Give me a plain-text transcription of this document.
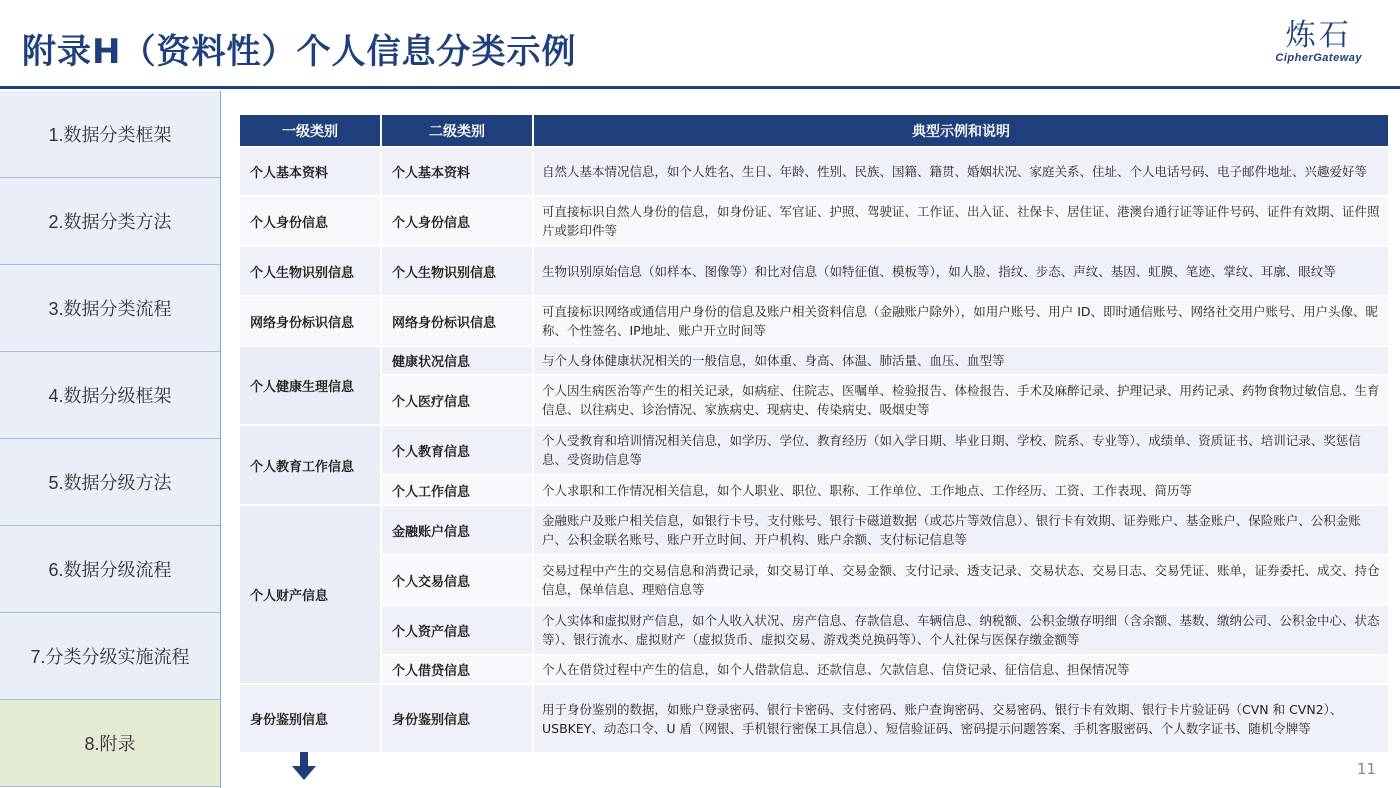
附录H（资料性）个人信息分类示例	炼石
CipherGateway
1.数据分类框架
2.数据分类方法
3.数据分类流程
4.数据分级框架
5.数据分级方法
6.数据分级流程
7.分类分级实施流程
8.附录
一级类别	二级类别	典型示例和说明
个人基本资料	个人基本资料	自然人基本情况信息，如个人姓名、生日、年龄、性别、民族、国籍、籍贯、婚姻状况、家庭关系、住址、个人电话号码、电子邮件地址、兴趣爱好等
个人身份信息	个人身份信息	可直接标识自然人身份的信息，如身份证、军官证、护照、驾驶证、工作证、出入证、社保卡、居住证、港澳台通行证等证件号码、证件有效期、证件照片或影印件等
个人生物识别信息	个人生物识别信息	生物识别原始信息（如样本、图像等）和比对信息（如特征值、模板等），如人脸、指纹、步态、声纹、基因、虹膜、笔迹、掌纹、耳廓、眼纹等
网络身份标识信息	网络身份标识信息	可直接标识网络或通信用户身份的信息及账户相关资料信息（金融账户除外），如用户账号、用户 ID、即时通信账号、网络社交用户账号、用户头像、昵称、个性签名、IP地址、账户开立时间等
个人健康生理信息	健康状况信息	与个人身体健康状况相关的一般信息，如体重、身高、体温、肺活量、血压、血型等
	个人医疗信息	个人因生病医治等产生的相关记录，如病症、住院志、医嘱单、检验报告、体检报告、手术及麻醉记录、护理记录、用药记录、药物食物过敏信息、生育信息、以往病史、诊治情况、家族病史、现病史、传染病史、吸烟史等
个人教育工作信息	个人教育信息	个人受教育和培训情况相关信息，如学历、学位、教育经历（如入学日期、毕业日期、学校、院系、专业等）、成绩单、资质证书、培训记录、奖惩信息、受资助信息等
	个人工作信息	个人求职和工作情况相关信息，如个人职业、职位、职称、工作单位、工作地点、工作经历、工资、工作表现、简历等
个人财产信息	金融账户信息	金融账户及账户相关信息，如银行卡号、支付账号、银行卡磁道数据（或芯片等效信息）、银行卡有效期、证券账户、基金账户、保险账户、公积金账户、公积金联名账号、账户开立时间、开户机构、账户余额、支付标记信息等
	个人交易信息	交易过程中产生的交易信息和消费记录，如交易订单、交易金额、支付记录、透支记录、交易状态、交易日志、交易凭证、账单，证券委托、成交、持仓信息，保单信息、理赔信息等
	个人资产信息	个人实体和虚拟财产信息，如个人收入状况、房产信息、存款信息、车辆信息、纳税额、公积金缴存明细（含余额、基数、缴纳公司、公积金中心、状态等）、银行流水、虚拟财产（虚拟货币、虚拟交易、游戏类兑换码等）、个人社保与医保存缴金额等
	个人借贷信息	个人在借贷过程中产生的信息，如个人借款信息、还款信息、欠款信息、信贷记录、征信信息、担保情况等
身份鉴别信息	身份鉴别信息	用于身份鉴别的数据，如账户登录密码、银行卡密码、支付密码、账户查询密码、交易密码、银行卡有效期、银行卡片验证码（CVN 和 CVN2）、USBKEY、动态口令、U 盾（网银、手机银行密保工具信息）、短信验证码、密码提示问题答案、手机客服密码、个人数字证书、随机令牌等
11
